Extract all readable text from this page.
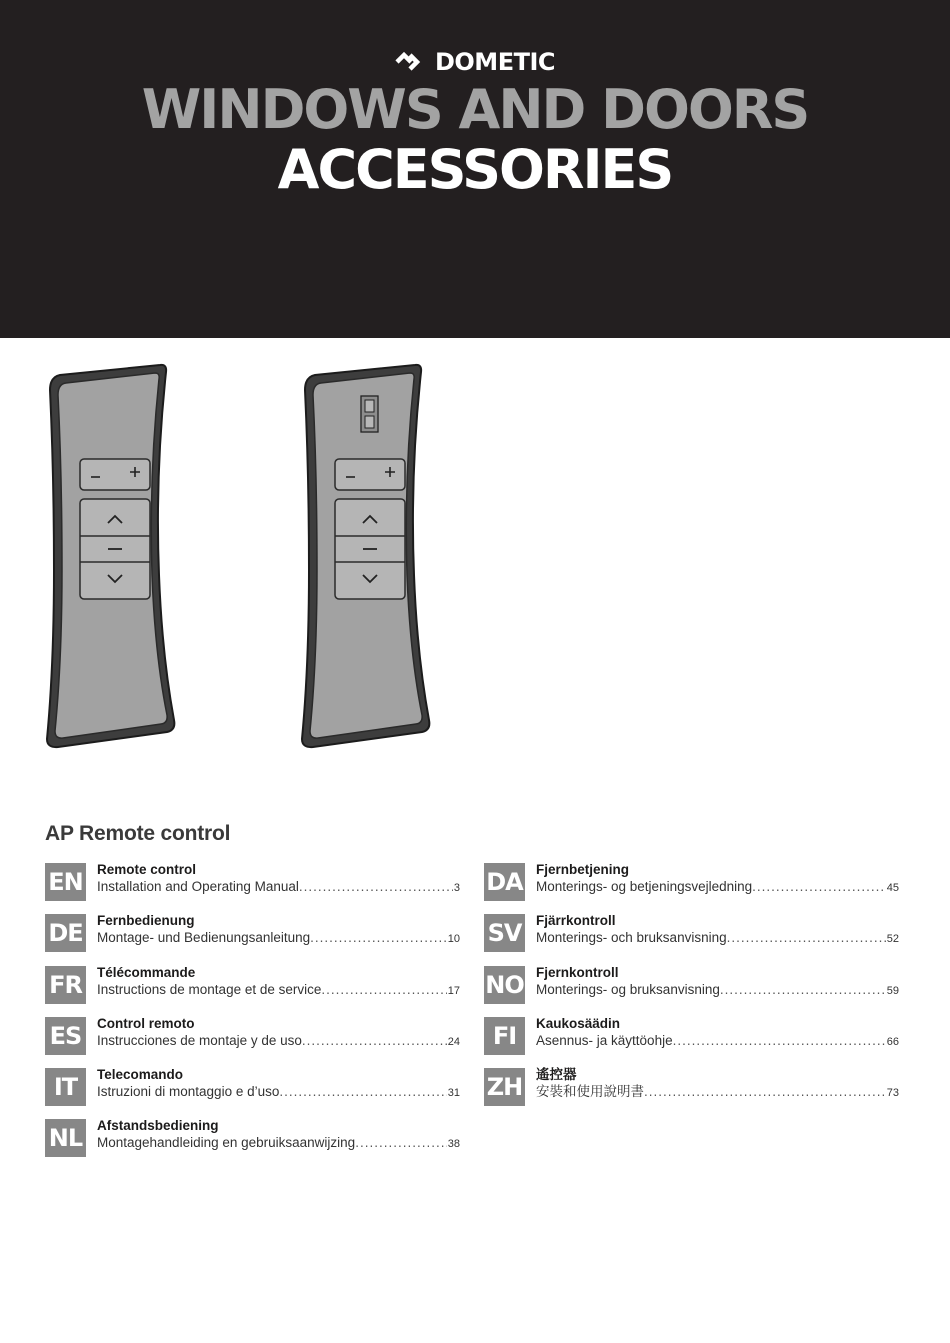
DOMETIC
WINDOWS AND DOORS
ACCESSORIES
AP Remote control
EN Remote control
Installation and Operating Manual .....	3
DE Fernbedienung
Montage- und Bedienungsanleitung .....	10
FR	Télécommande
Instructions de montage et de service .....	17
ES	Control remoto
Instrucciones de montaje y de uso .....	24
IT	Telecomando
Istruzioni di montaggio e d’uso .....	31
NL Afstandsbediening
Montagehandleiding en gebruiksaanwijzing .....	38
DA Fjernbetjening
Monterings- og betjeningsvejledning .....	45
SV Fjärrkontroll
Monterings- och bruksanvisning .....	52
NO Fjernkontroll
Monterings- og bruksanvisning .....	59
FI	Kaukosäädin
Asennus- ja käyttöohje .....	66
ZH 遙控器
安裝和使用說明書 .....	73
